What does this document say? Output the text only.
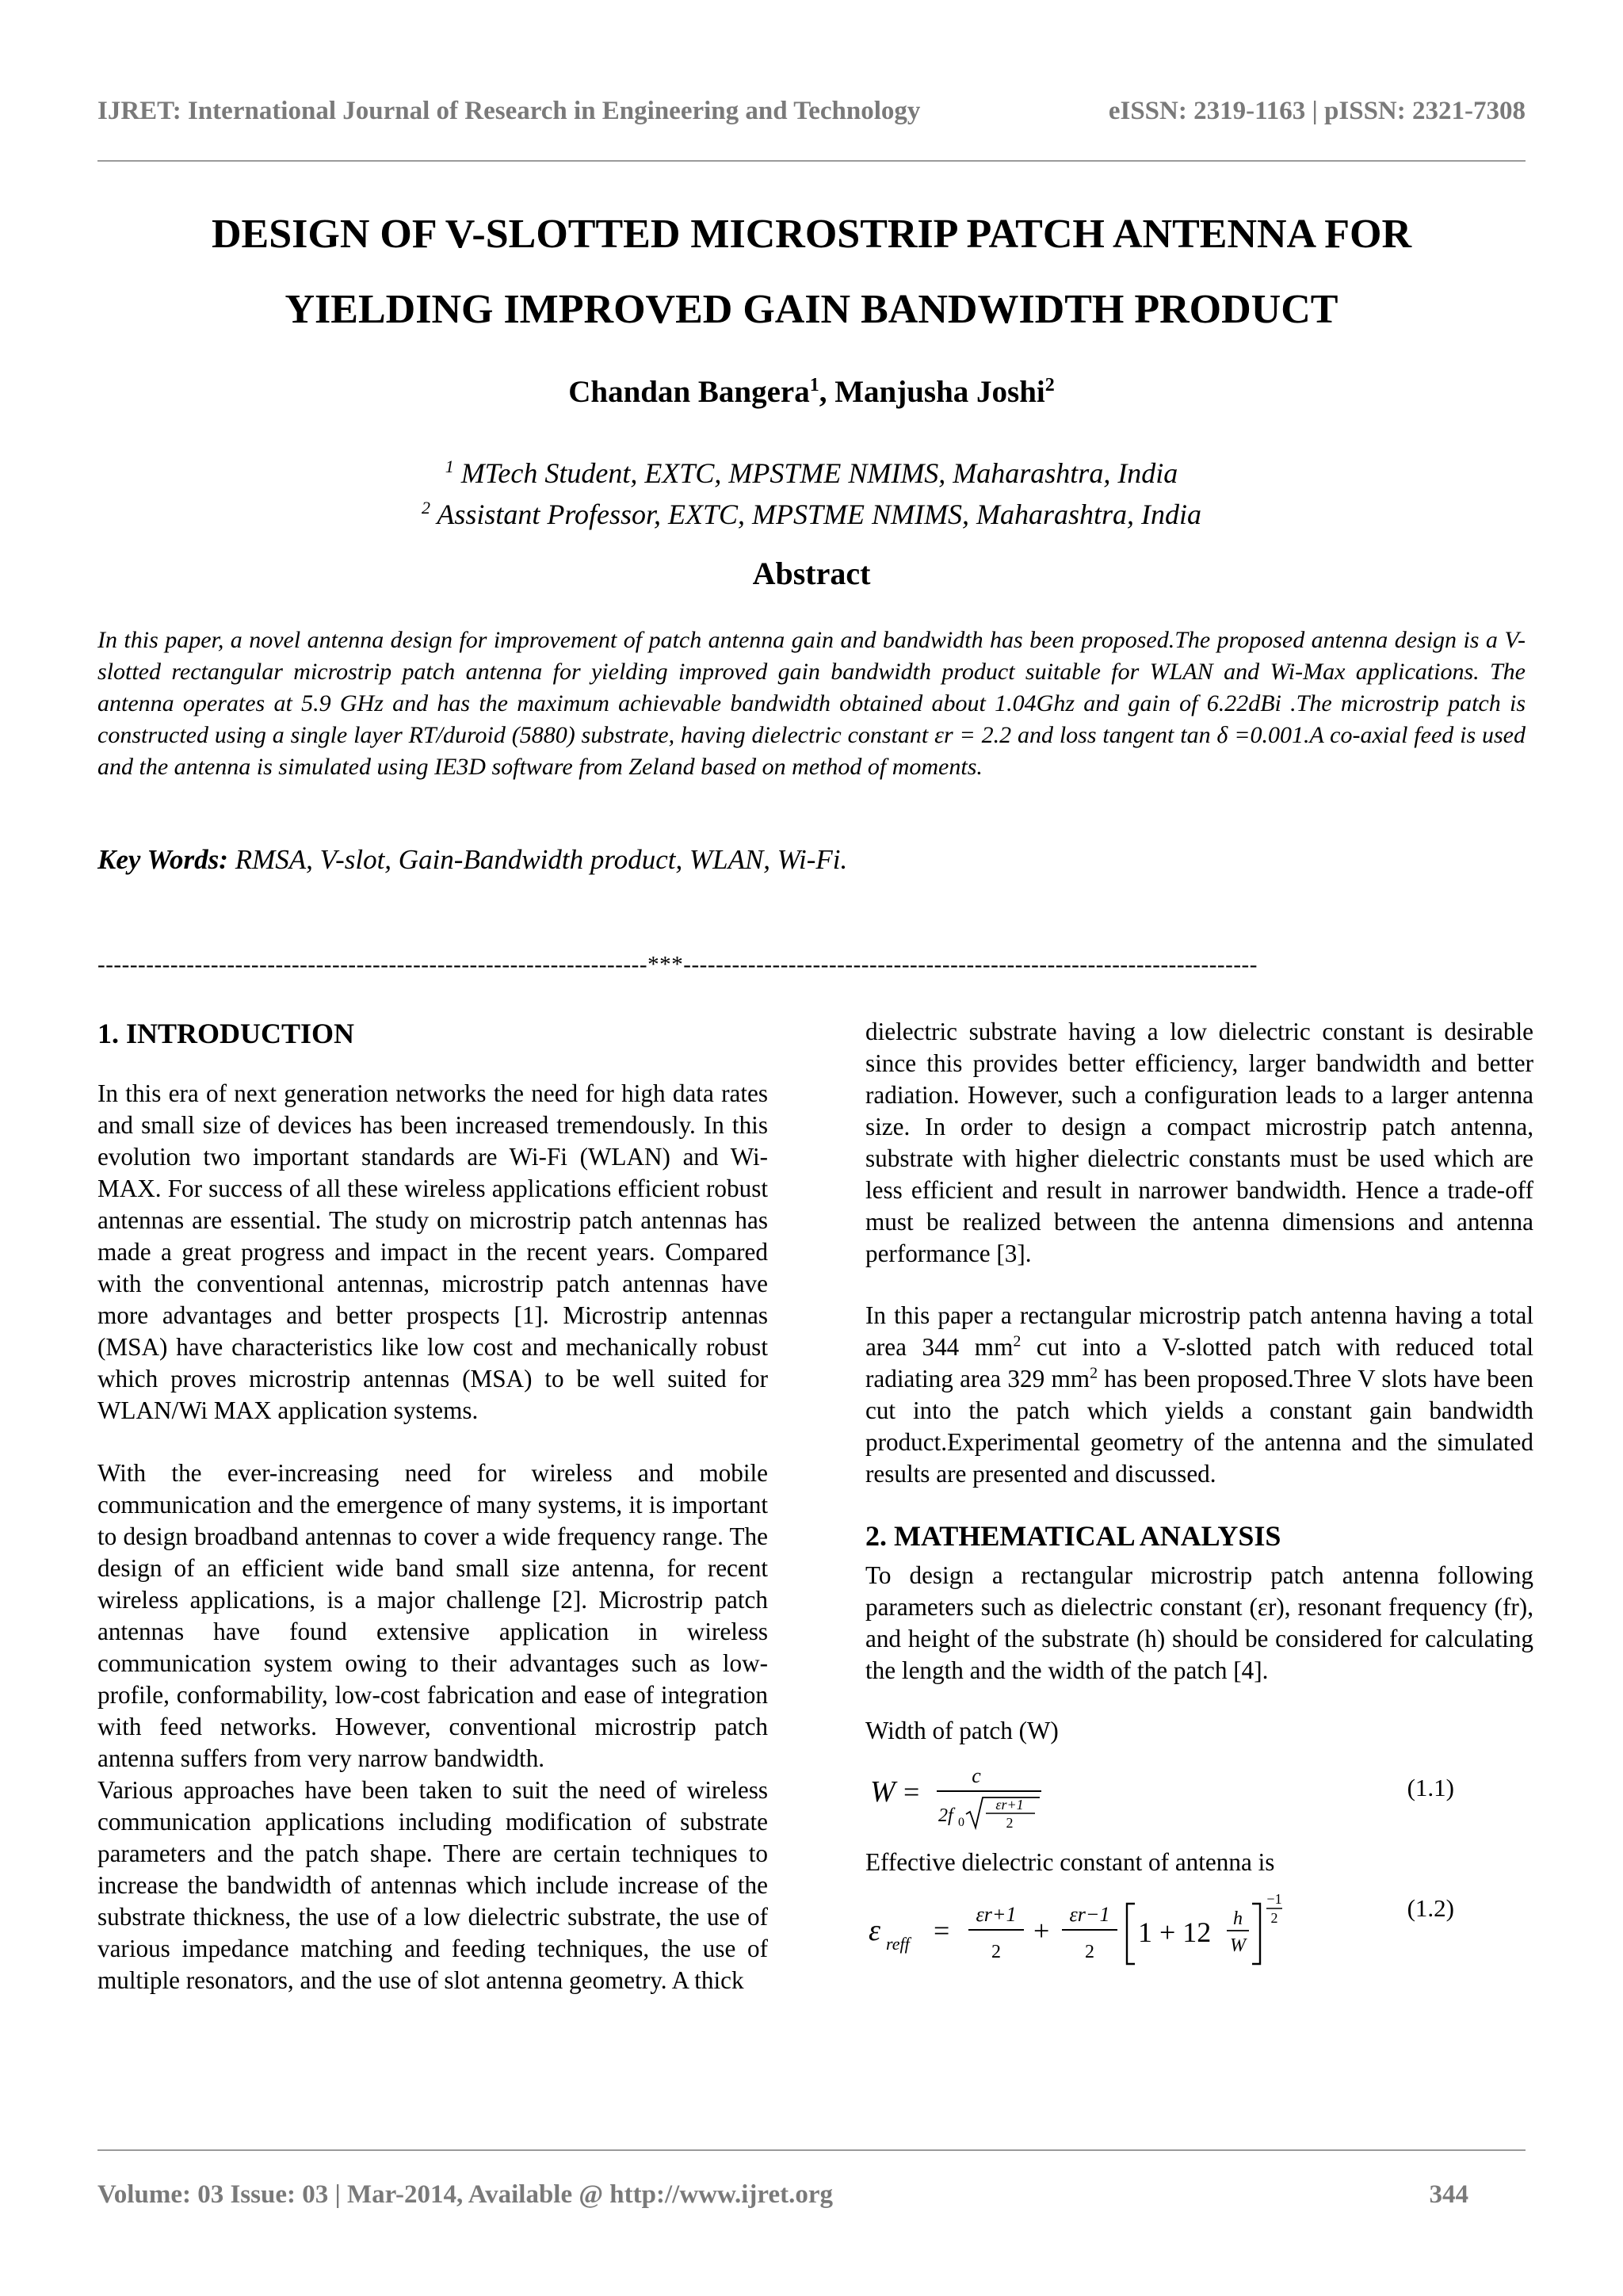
IJRET: International Journal of Research in Engineering and Technology	eISSN: 2319-1163 | pISSN: 2321-7308
DESIGN OF V-SLOTTED MICROSTRIP PATCH ANTENNA FOR
YIELDING IMPROVED GAIN BANDWIDTH PRODUCT
Chandan Bangera$^1$, Manjusha Joshi$^2$
$^1$ MTech Student, EXTC, MPSTME NMIMS, Maharashtra, India
$^2$ Assistant Professor, EXTC, MPSTME NMIMS, Maharashtra, India
Abstract
In this paper, a novel antenna design for improvement of patch antenna gain and bandwidth has been proposed.The proposed antenna design is a V-slotted rectangular microstrip patch antenna for yielding improved gain bandwidth product suitable for WLAN and Wi-Max applications. The antenna operates at 5.9 GHz and has the maximum achievable bandwidth obtained about 1.04Ghz and gain of 6.22dBi .The microstrip patch is constructed using a single layer RT/duroid (5880) substrate, having dielectric constant εr = 2.2 and loss tangent tan δ =0.001.A co-axial feed is used and the antenna is simulated using IE3D software from Zeland based on method of moments.
Key Words: RMSA, V-slot, Gain-Bandwidth product, WLAN, Wi-Fi.
--------------------------------------------------------------------***-----------------------------------------------------------------------
1. INTRODUCTION

In this era of next generation networks the need for high data rates and small size of devices has been increased tremendously. In this evolution two important standards are Wi-Fi (WLAN) and Wi-MAX. For success of all these wireless applications efficient robust antennas are essential. The study on microstrip patch antennas has made a great progress and impact in the recent years. Compared with the conventional antennas, microstrip patch antennas have more advantages and better prospects [1]. Microstrip antennas (MSA) have characteristics like low cost and mechanically robust which proves microstrip antennas (MSA) to be well suited for WLAN/Wi MAX application systems.

With the ever-increasing need for wireless and mobile communication and the emergence of many systems, it is important to design broadband antennas to cover a wide frequency range. The design of an efficient wide band small size antenna, for recent wireless applications, is a major challenge [2]. Microstrip patch antennas have found extensive application in wireless communication system owing to their advantages such as low-profile, conformability, low-cost fabrication and ease of integration with feed networks. However, conventional microstrip patch antenna suffers from very narrow bandwidth.

Various approaches have been taken to suit the need of wireless communication applications including modification of substrate parameters and the patch shape. There are certain techniques to increase the bandwidth of antennas which include increase of the substrate thickness, the use of a low dielectric substrate, the use of various impedance matching and feeding techniques, the use of multiple resonators, and the use of slot antenna geometry. A thick

dielectric substrate having a low dielectric constant is desirable since this provides better efficiency, larger bandwidth and better radiation. However, such a configuration leads to a larger antenna size. In order to design a compact microstrip patch antenna, substrate with higher dielectric constants must be used which are less efficient and result in narrower bandwidth. Hence a trade-off must be realized between the antenna dimensions and antenna performance [3].

In this paper a rectangular microstrip patch antenna having a total area 344 $mm^2$ cut into a V-slotted patch with reduced total radiating area 329 $mm^2$ has been proposed.Three V slots have been cut into the patch which yields a constant gain bandwidth product.Experimental geometry of the antenna and the simulated results are presented and discussed.

2. MATHEMATICAL ANALYSIS

To design a rectangular microstrip patch antenna following parameters such as dielectric constant (εr), resonant frequency (fr), and height of the substrate (h) should be considered for calculating the length and the width of the patch [4].

Width of patch (W)

W =
c
2f 0
εr+1
2
(1.1)

Effective dielectric constant of antenna is

ε reff =
εr+1
2
+
εr−1
2
1 + 12 h
W
−1
2	(1.2)
Volume: 03 Issue: 03 | Mar-2014, Available @ http://www.ijret.org	344
